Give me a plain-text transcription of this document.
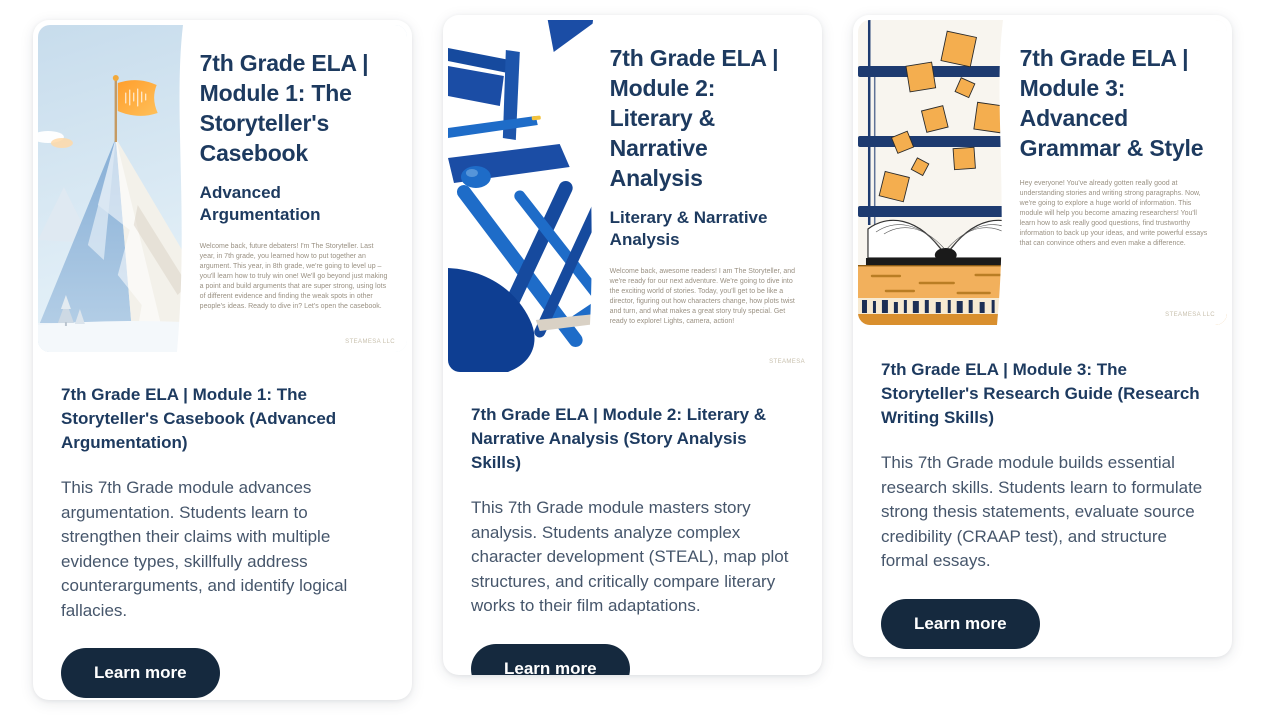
7th Grade ELA | Module 1: The Storyteller's Casebook
Advanced Argumentation

Welcome back, future debaters! I'm The Storyteller. Last year, in 7th grade, you learned how to put together an argument. This year, in 8th grade, we're going to level up – you'll learn how to truly win one! We'll go beyond just making a point and build arguments that are super strong, using lots of different evidence and finding the weak spots in other people's ideas. Ready to dive in? Let's open the casebook.

STEAMESA LLC
7th Grade ELA | Module 1: The Storyteller's Casebook (Advanced Argumentation)

This 7th Grade module advances argumentation. Students learn to strengthen their claims with multiple evidence types, skillfully address counterarguments, and identify logical fallacies.

Learn more
7th Grade ELA | Module 2: Literary & Narrative Analysis
Literary & Narrative Analysis

Welcome back, awesome readers! I am The Storyteller, and we're ready for our next adventure. We're going to dive into the exciting world of stories. Today, you'll get to be like a director, figuring out how characters change, how plots twist and turn, and what makes a great story truly special. Get ready to explore! Lights, camera, action!

STEAMESA
7th Grade ELA | Module 2: Literary & Narrative Analysis (Story Analysis Skills)

This 7th Grade module masters story analysis. Students analyze complex character development (STEAL), map plot structures, and critically compare literary works to their film adaptations.

Learn more
7th Grade ELA | Module 3: Advanced Grammar & Style

Hey everyone! You've already gotten really good at understanding stories and writing strong paragraphs. Now, we're going to explore a huge world of information. This module will help you become amazing researchers! You'll learn how to ask really good questions, find trustworthy information to back up your ideas, and write powerful essays that can convince others and even make a difference.

STEAMESA LLC
7th Grade ELA | Module 3: The Storyteller's Research Guide (Research Writing Skills)

This 7th Grade module builds essential research skills. Students learn to formulate strong thesis statements, evaluate source credibility (CRAAP test), and structure formal essays.

Learn more
